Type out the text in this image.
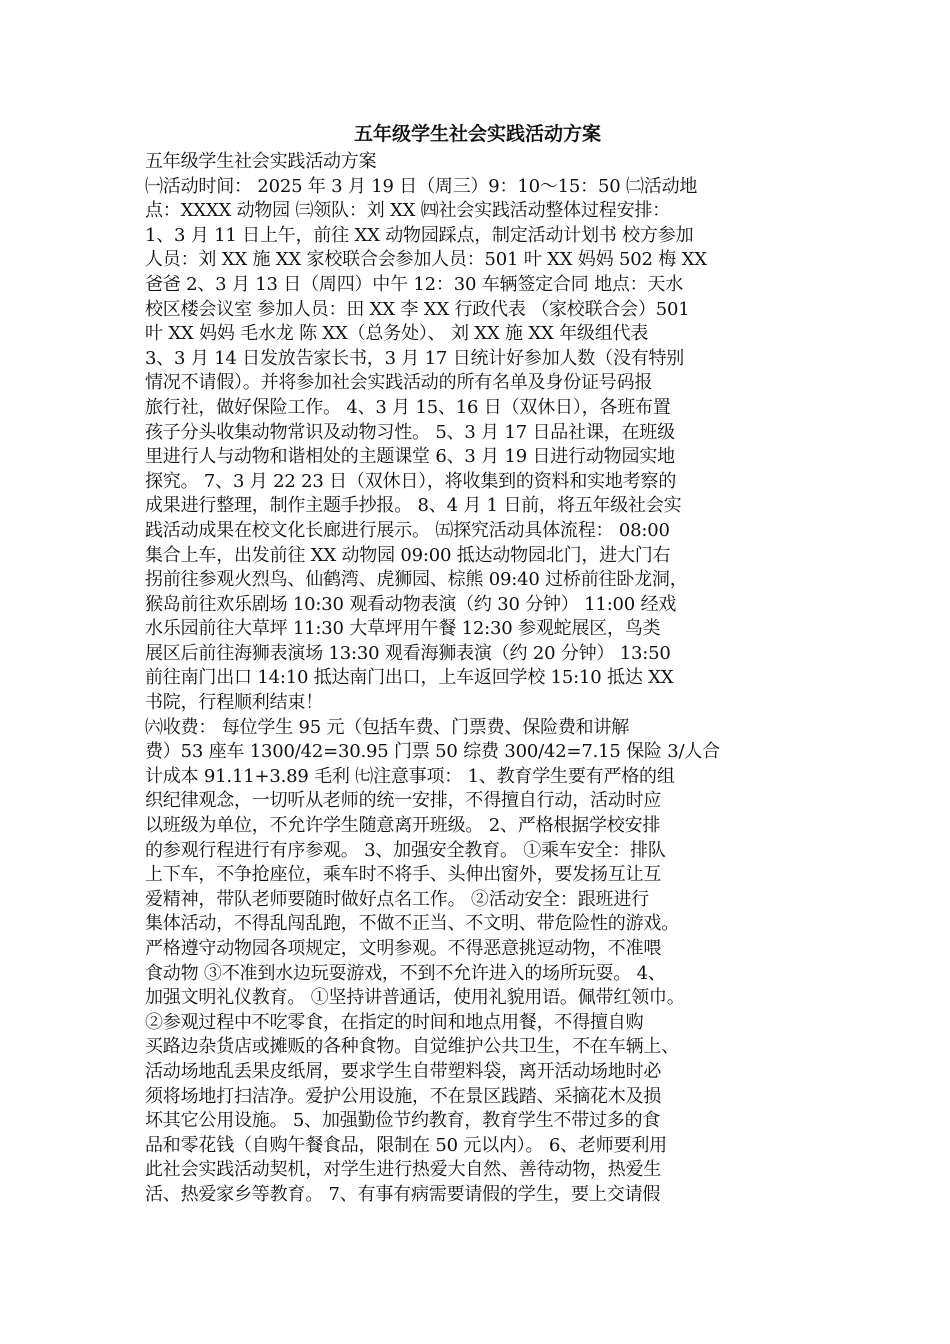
五年级学生社会实践活动方案
五年级学生社会实践活动方案
㈠活动时间： 2025 年 3 月 19 日（周三）9：10～15：50 ㈡活动地
点：XXXX 动物园 ㈢领队：刘 XX ㈣社会实践活动整体过程安排：
1、3 月 11 日上午，前往 XX 动物园踩点，制定活动计划书 校方参加
人员：刘 XX 施 XX 家校联合会参加人员：501 叶 XX 妈妈 502 梅 XX
爸爸 2、3 月 13 日（周四）中午 12：30 车辆签定合同 地点：天水
校区楼会议室 参加人员：田 XX 李 XX 行政代表 （家校联合会）501
叶 XX 妈妈 毛水龙 陈 XX（总务处）、 刘 XX 施 XX 年级组代表
3、3 月 14 日发放告家长书，3 月 17 日统计好参加人数（没有特别
情况不请假）。并将参加社会实践活动的所有名单及身份证号码报
旅行社，做好保险工作。 4、3 月 15、16 日（双休日），各班布置
孩子分头收集动物常识及动物习性。 5、3 月 17 日品社课，在班级
里进行人与动物和谐相处的主题课堂 6、3 月 19 日进行动物园实地
探究。 7、3 月 22 23 日（双休日），将收集到的资料和实地考察的
成果进行整理，制作主题手抄报。 8、4 月 1 日前，将五年级社会实
践活动成果在校文化长廊进行展示。 ㈤探究活动具体流程： 08:00
集合上车，出发前往 XX 动物园 09:00 抵达动物园北门，进大门右
拐前往参观火烈鸟、仙鹤湾、虎狮园、棕熊 09:40 过桥前往卧龙洞，
猴岛前往欢乐剧场 10:30 观看动物表演（约 30 分钟） 11:00 经戏
水乐园前往大草坪 11:30 大草坪用午餐 12:30 参观蛇展区，鸟类
展区后前往海狮表演场 13:30 观看海狮表演（约 20 分钟） 13:50
前往南门出口 14:10 抵达南门出口，上车返回学校 15:10 抵达 XX
书院，行程顺利结束！
㈥收费： 每位学生 95 元（包括车费、门票费、保险费和讲解
费）53 座车 1300/42=30.95 门票 50 综费 300/42=7.15 保险 3/人合
计成本 91.11+3.89 毛利 ㈦注意事项： 1、教育学生要有严格的组
织纪律观念，一切听从老师的统一安排，不得擅自行动，活动时应
以班级为单位，不允许学生随意离开班级。 2、严格根据学校安排
的参观行程进行有序参观。 3、加强安全教育。 ①乘车安全：排队
上下车，不争抢座位，乘车时不将手、头伸出窗外，要发扬互让互
爱精神，带队老师要随时做好点名工作。 ②活动安全：跟班进行
集体活动，不得乱闯乱跑，不做不正当、不文明、带危险性的游戏。
严格遵守动物园各项规定，文明参观。不得恶意挑逗动物，不准喂
食动物 ③不准到水边玩耍游戏，不到不允许进入的场所玩耍。 4、
加强文明礼仪教育。 ①坚持讲普通话，使用礼貌用语。佩带红领巾。
②参观过程中不吃零食，在指定的时间和地点用餐，不得擅自购
买路边杂货店或摊贩的各种食物。自觉维护公共卫生，不在车辆上、
活动场地乱丢果皮纸屑，要求学生自带塑料袋，离开活动场地时必
须将场地打扫洁净。爱护公用设施，不在景区践踏、采摘花木及损
坏其它公用设施。 5、加强勤俭节约教育，教育学生不带过多的食
品和零花钱（自购午餐食品，限制在 50 元以内）。 6、老师要利用
此社会实践活动契机，对学生进行热爱大自然、善待动物，热爱生
活、热爱家乡等教育。 7、有事有病需要请假的学生，要上交请假
